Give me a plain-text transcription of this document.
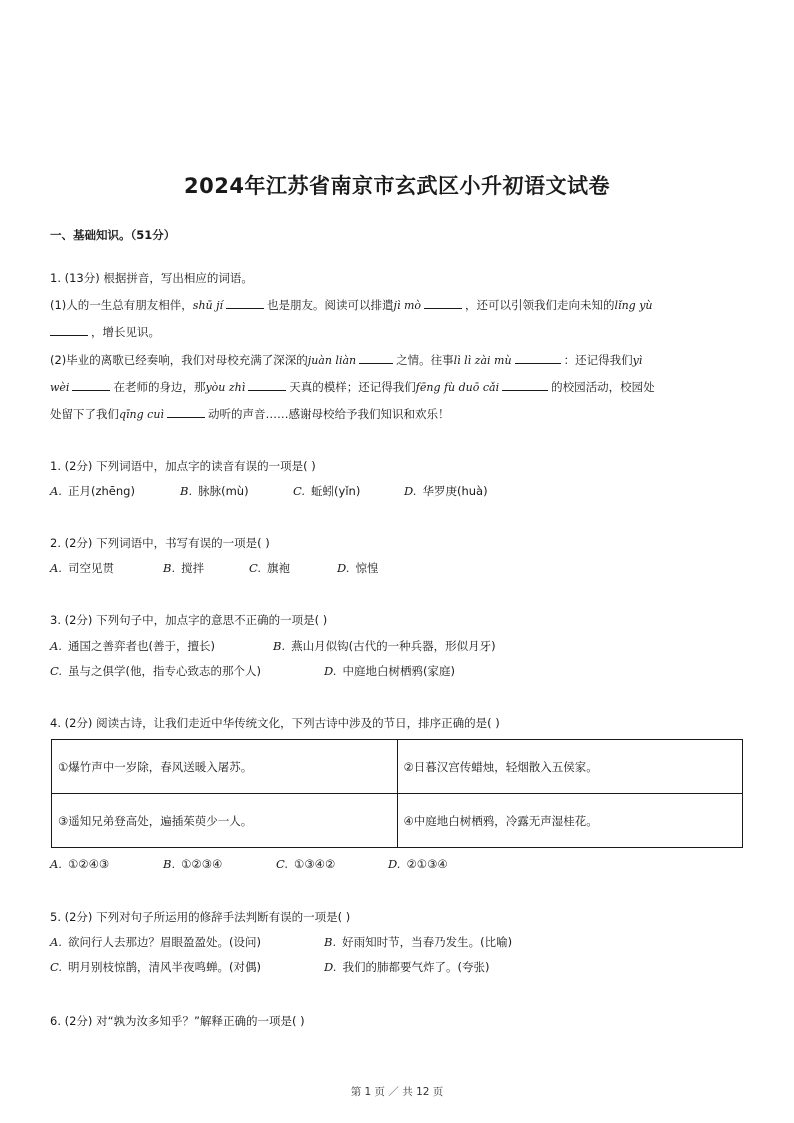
2024年江苏省南京市玄武区小升初语文试卷
一、基础知识。（51分）
1. (13分) 根据拼音，写出相应的词语。
(1)人的一生总有朋友相伴，shū jí	也是朋友。阅读可以排遣jì mò	，还可以引领我们走向未知的lǐng yù
，增长见识。
(2)毕业的离歌已经奏响，我们对母校充满了深深的juàn liàn	之情。往事lì lì zài mù	：还记得我们yì
wèi	在老师的身边，那yòu zhì	天真的模样；还记得我们fēng fù duō cǎi	的校园活动，校园处
处留下了我们qīng cuì	动听的声音……感谢母校给予我们知识和欢乐！
1. (2分) 下列词语中，加点字的读音有误的一项是( )
A. 正月(zhēng)	B. 脉脉(mù)	C. 蚯蚓(yǐn)	D. 华罗庚(huà)
2. (2分) 下列词语中，书写有误的一项是( )
A. 司空见贯	B. 搅拌	C. 旗袍	D. 惊惶
3. (2分) 下列句子中，加点字的意思不正确的一项是( )
A. 通国之善弈者也(善于，擅长)	B. 燕山月似钩(古代的一种兵器，形似月牙)
C. 虽与之俱学(他，指专心致志的那个人)	D. 中庭地白树栖鸦(家庭)
4. (2分) 阅读古诗，让我们走近中华传统文化，下列古诗中涉及的节日，排序正确的是( )
①爆竹声中一岁除，春风送暖入屠苏。	②日暮汉宫传蜡烛，轻烟散入五侯家。
③遥知兄弟登高处，遍插茱萸少一人。	④中庭地白树栖鸦，冷露无声湿桂花。
A. ①②④③	B. ①②③④	C. ①③④②	D. ②①③④
5. (2分) 下列对句子所运用的修辞手法判断有误的一项是( )
A. 欲问行人去那边？眉眼盈盈处。(设问)	B. 好雨知时节，当春乃发生。(比喻)
C. 明月别枝惊鹊，清风半夜鸣蝉。(对偶)	D. 我们的肺都要气炸了。(夸张)
6. (2分) 对“孰为汝多知乎？”解释正确的一项是( )
第 1 页 ／ 共 12 页
